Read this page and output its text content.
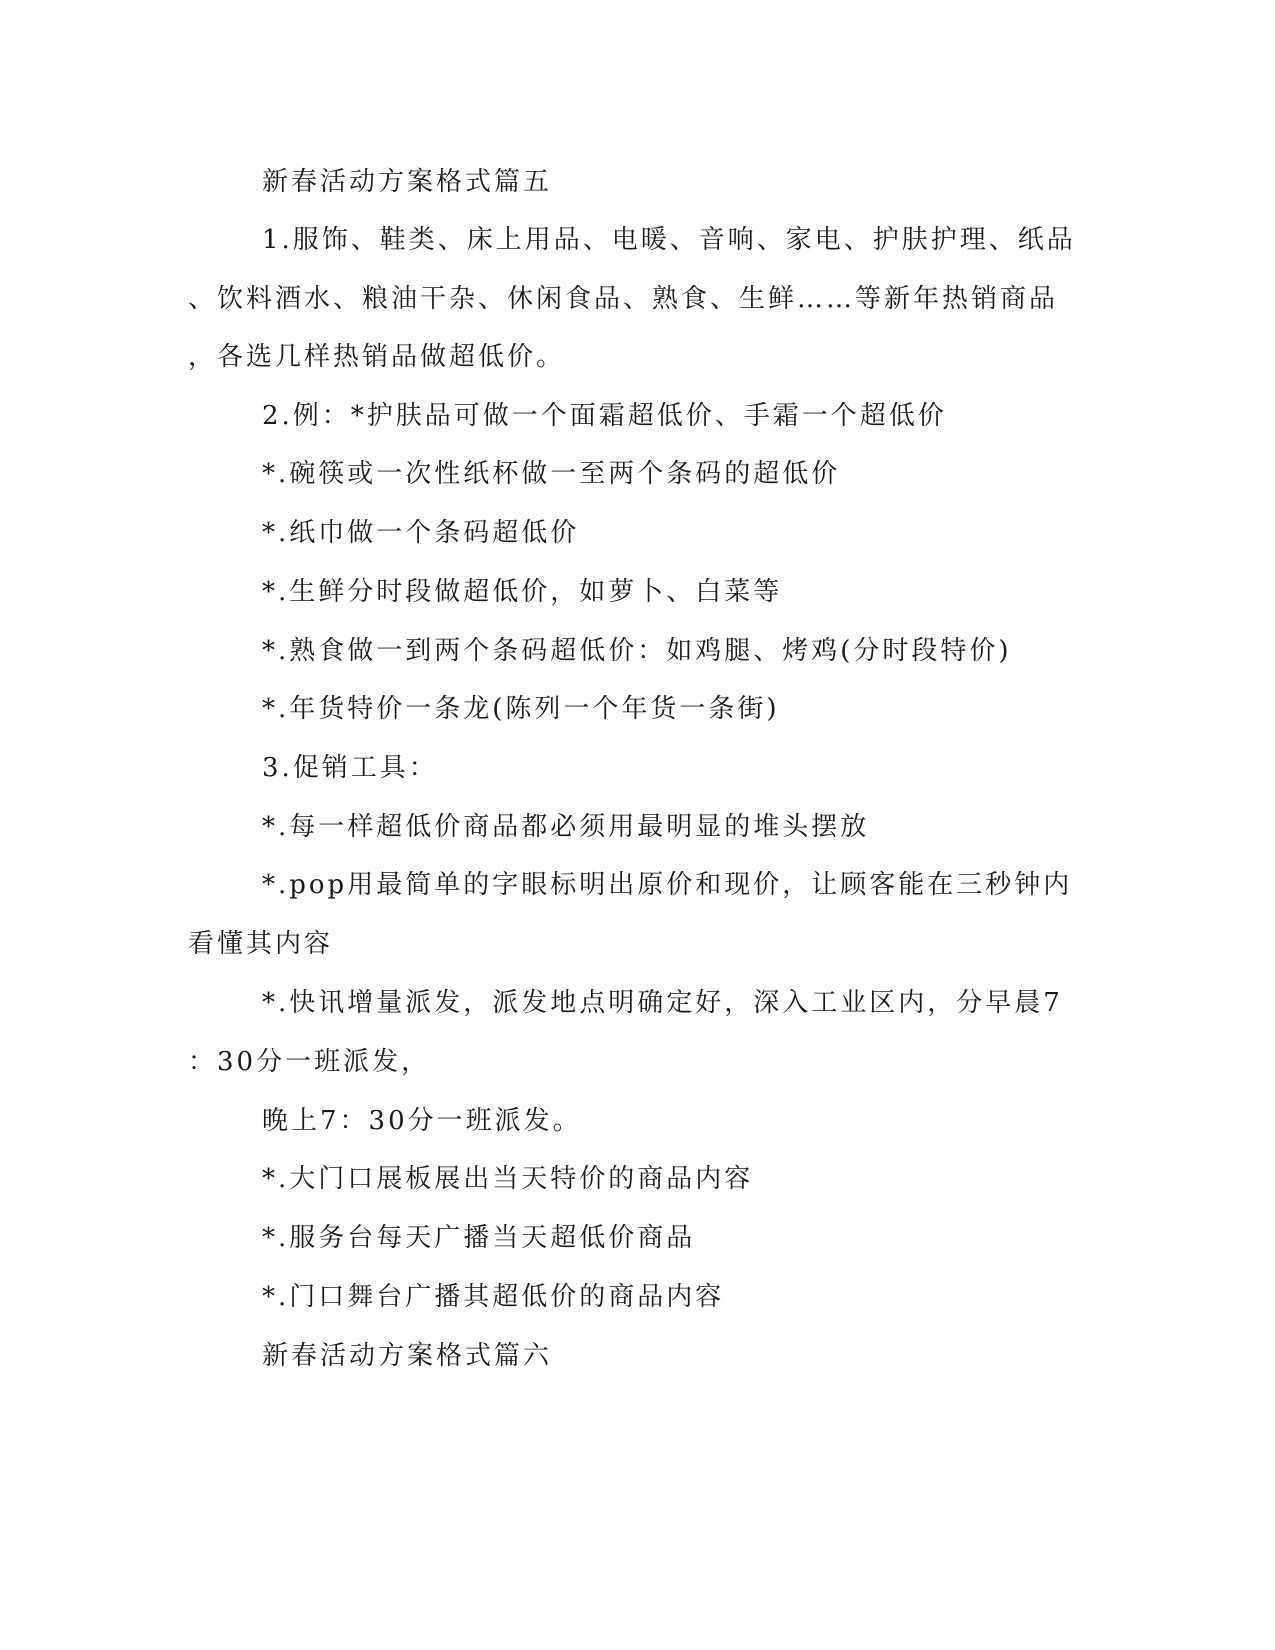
新春活动方案格式篇五
1.服饰、鞋类、床上用品、电暖、音响、家电、护肤护理、纸品
、饮料酒水、粮油干杂、休闲食品、熟食、生鲜……等新年热销商品
，各选几样热销品做超低价。
2.例：*护肤品可做一个面霜超低价、手霜一个超低价
*.碗筷或一次性纸杯做一至两个条码的超低价
*.纸巾做一个条码超低价
*.生鲜分时段做超低价，如萝卜、白菜等
*.熟食做一到两个条码超低价：如鸡腿、烤鸡(分时段特价)
*.年货特价一条龙(陈列一个年货一条街)
3.促销工具：
*.每一样超低价商品都必须用最明显的堆头摆放
*.pop用最简单的字眼标明出原价和现价，让顾客能在三秒钟内
看懂其内容
*.快讯增量派发，派发地点明确定好，深入工业区内，分早晨7
：30分一班派发，
晚上7：30分一班派发。
*.大门口展板展出当天特价的商品内容
*.服务台每天广播当天超低价商品
*.门口舞台广播其超低价的商品内容
新春活动方案格式篇六
